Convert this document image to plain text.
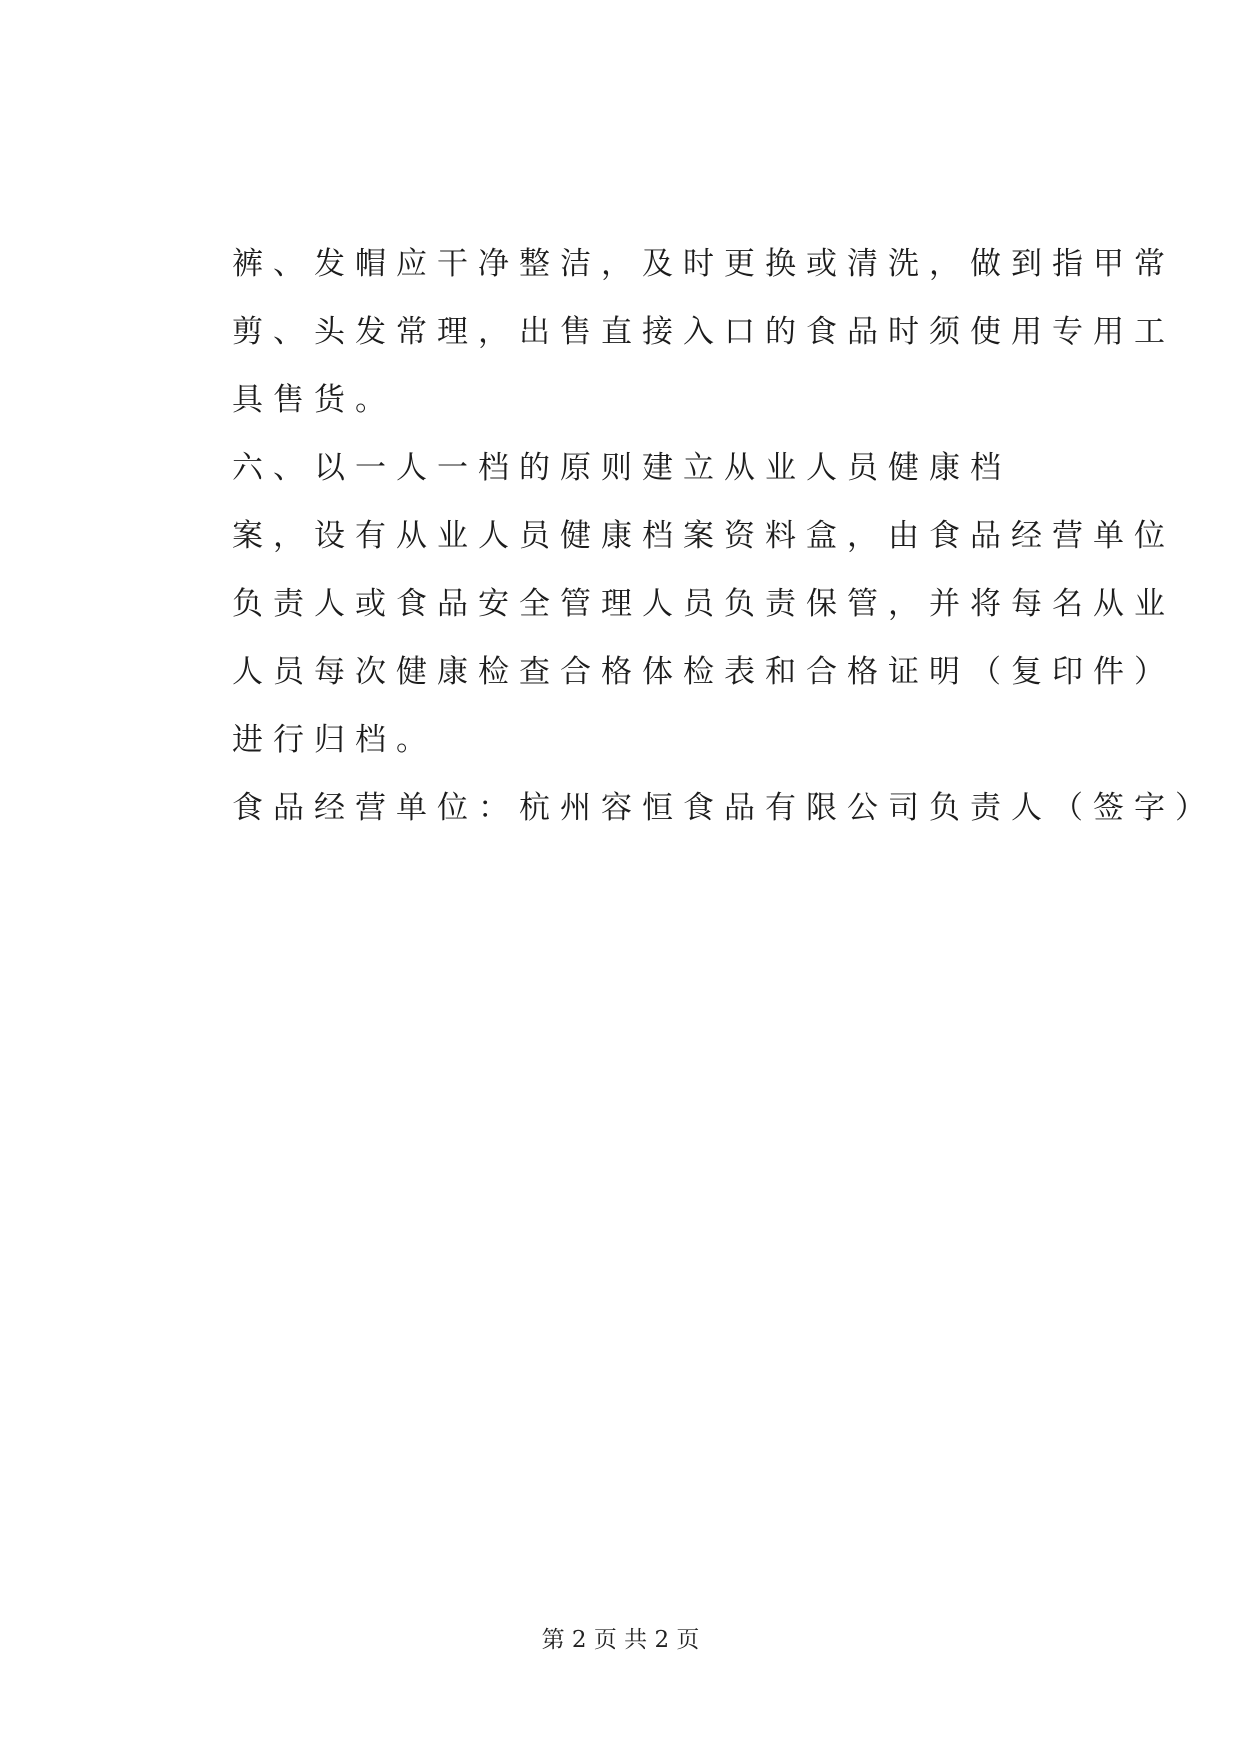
裤、发帽应干净整洁，及时更换或清洗，做到指甲常
剪、头发常理，出售直接入口的食品时须使用专用工
具售货。
六、以一人一档的原则建立从业人员健康档
案，设有从业人员健康档案资料盒，由食品经营单位
负责人或食品安全管理人员负责保管，并将每名从业
人员每次健康检查合格体检表和合格证明（复印件）
进行归档。
食品经营单位：杭州容恒食品有限公司负责人（签字）
第 2 页 共 2 页
